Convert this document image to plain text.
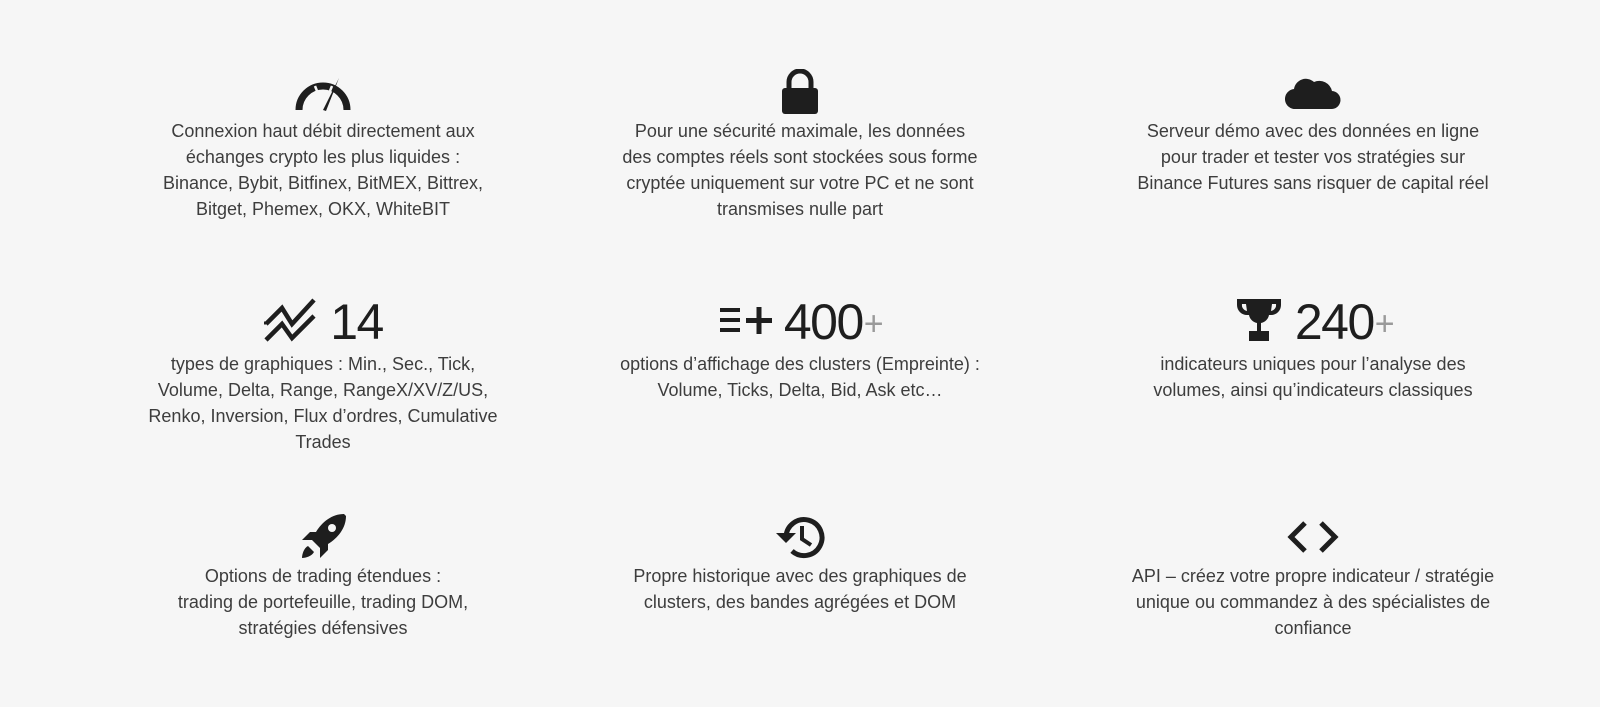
Connexion haut débit directement aux
échanges crypto les plus liquides :
Binance, Bybit, Bitfinex, BitMEX, Bittrex,
Bitget, Phemex, OKX, WhiteBIT
Pour une sécurité maximale, les données
des comptes réels sont stockées sous forme
cryptée uniquement sur votre PC et ne sont
transmises nulle part
Serveur démo avec des données en ligne
pour trader et tester vos stratégies sur
Binance Futures sans risquer de capital réel
14
types de graphiques : Min., Sec., Tick,
Volume, Delta, Range, RangeX/XV/Z/US,
Renko, Inversion, Flux d’ordres, Cumulative
Trades
400+
options d’affichage des clusters (Empreinte) :
Volume, Ticks, Delta, Bid, Ask etc…
240+
indicateurs uniques pour l’analyse des
volumes, ainsi qu’indicateurs classiques
Options de trading étendues :
trading de portefeuille, trading DOM,
stratégies défensives
Propre historique avec des graphiques de
clusters, des bandes agrégées et DOM
API – créez votre propre indicateur / stratégie
unique ou commandez à des spécialistes de
confiance
